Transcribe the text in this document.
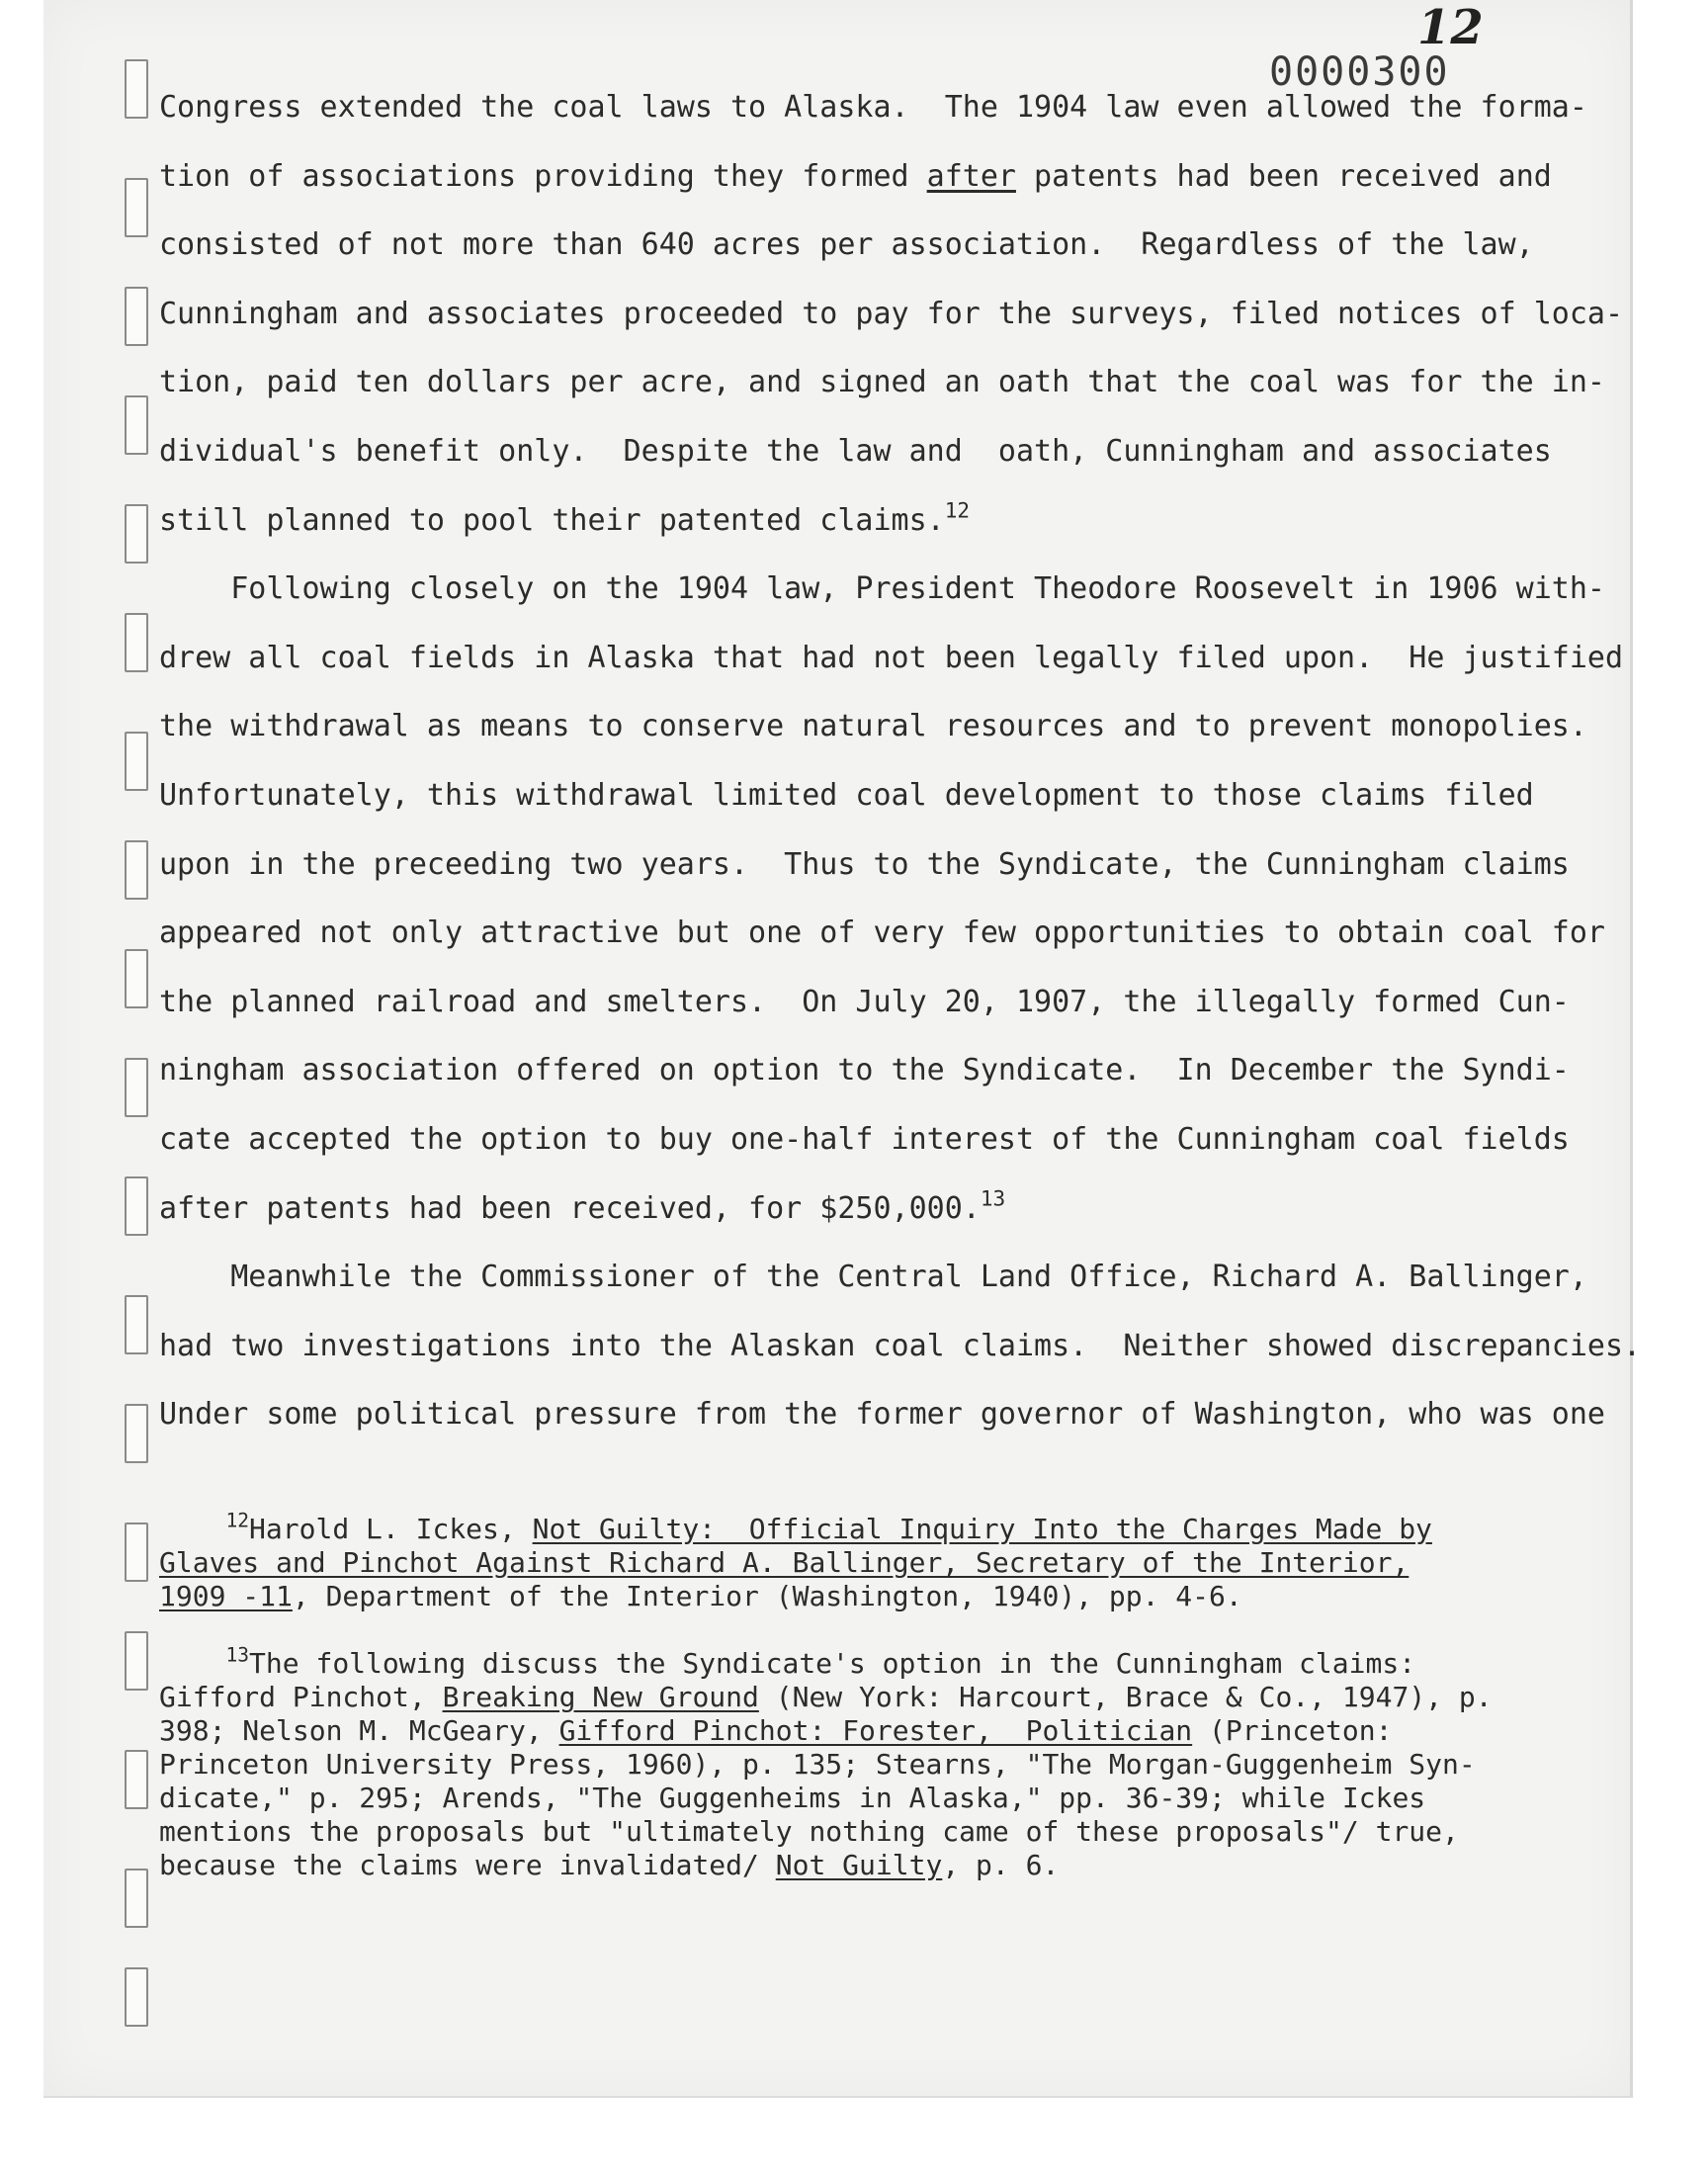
0000300
12
Congress extended the coal laws to Alaska.  The 1904 law even allowed the forma-
tion of associations providing they formed after patents had been received and
consisted of not more than 640 acres per association.  Regardless of the law,
Cunningham and associates proceeded to pay for the surveys, filed notices of loca-
tion, paid ten dollars per acre, and signed an oath that the coal was for the in-
dividual's benefit only.  Despite the law and  oath, Cunningham and associates
still planned to pool their patented claims.$^{12}$
Following closely on the 1904 law, President Theodore Roosevelt in 1906 with-
drew all coal fields in Alaska that had not been legally filed upon.  He justified
the withdrawal as means to conserve natural resources and to prevent monopolies.
Unfortunately, this withdrawal limited coal development to those claims filed
upon in the preceeding two years.  Thus to the Syndicate, the Cunningham claims
appeared not only attractive but one of very few opportunities to obtain coal for
the planned railroad and smelters.  On July 20, 1907, the illegally formed Cun-
ningham association offered on option to the Syndicate.  In December the Syndi-
cate accepted the option to buy one-half interest of the Cunningham coal fields
after patents had been received, for $250,000.13
Meanwhile the Commissioner of the Central Land Office, Richard A. Ballinger,
had two investigations into the Alaskan coal claims.  Neither showed discrepancies.
Under some political pressure from the former governor of Washington, who was one
$^{12}$Harold L. Ickes, Not Guilty:  Official Inquiry Into the Charges Made by
Glaves and Pinchot Against Richard A. Ballinger, Secretary of the Interior,
1909 -11, Department of the Interior (Washington, 1940), pp. 4-6.
$^{13}$The following discuss the Syndicate's option in the Cunningham claims:
Gifford Pinchot, Breaking New Ground (New York: Harcourt, Brace & Co., 1947), p.
398; Nelson M. McGeary, Gifford Pinchot: Forester,  Politician (Princeton:
Princeton University Press, 1960), p. 135; Stearns, "The Morgan-Guggenheim Syn-
dicate," p. 295; Arends, "The Guggenheims in Alaska," pp. 36-39; while Ickes
mentions the proposals but "ultimately nothing came of these proposals"/ true,
because the claims were invalidated/ Not Guilty, p. 6.
